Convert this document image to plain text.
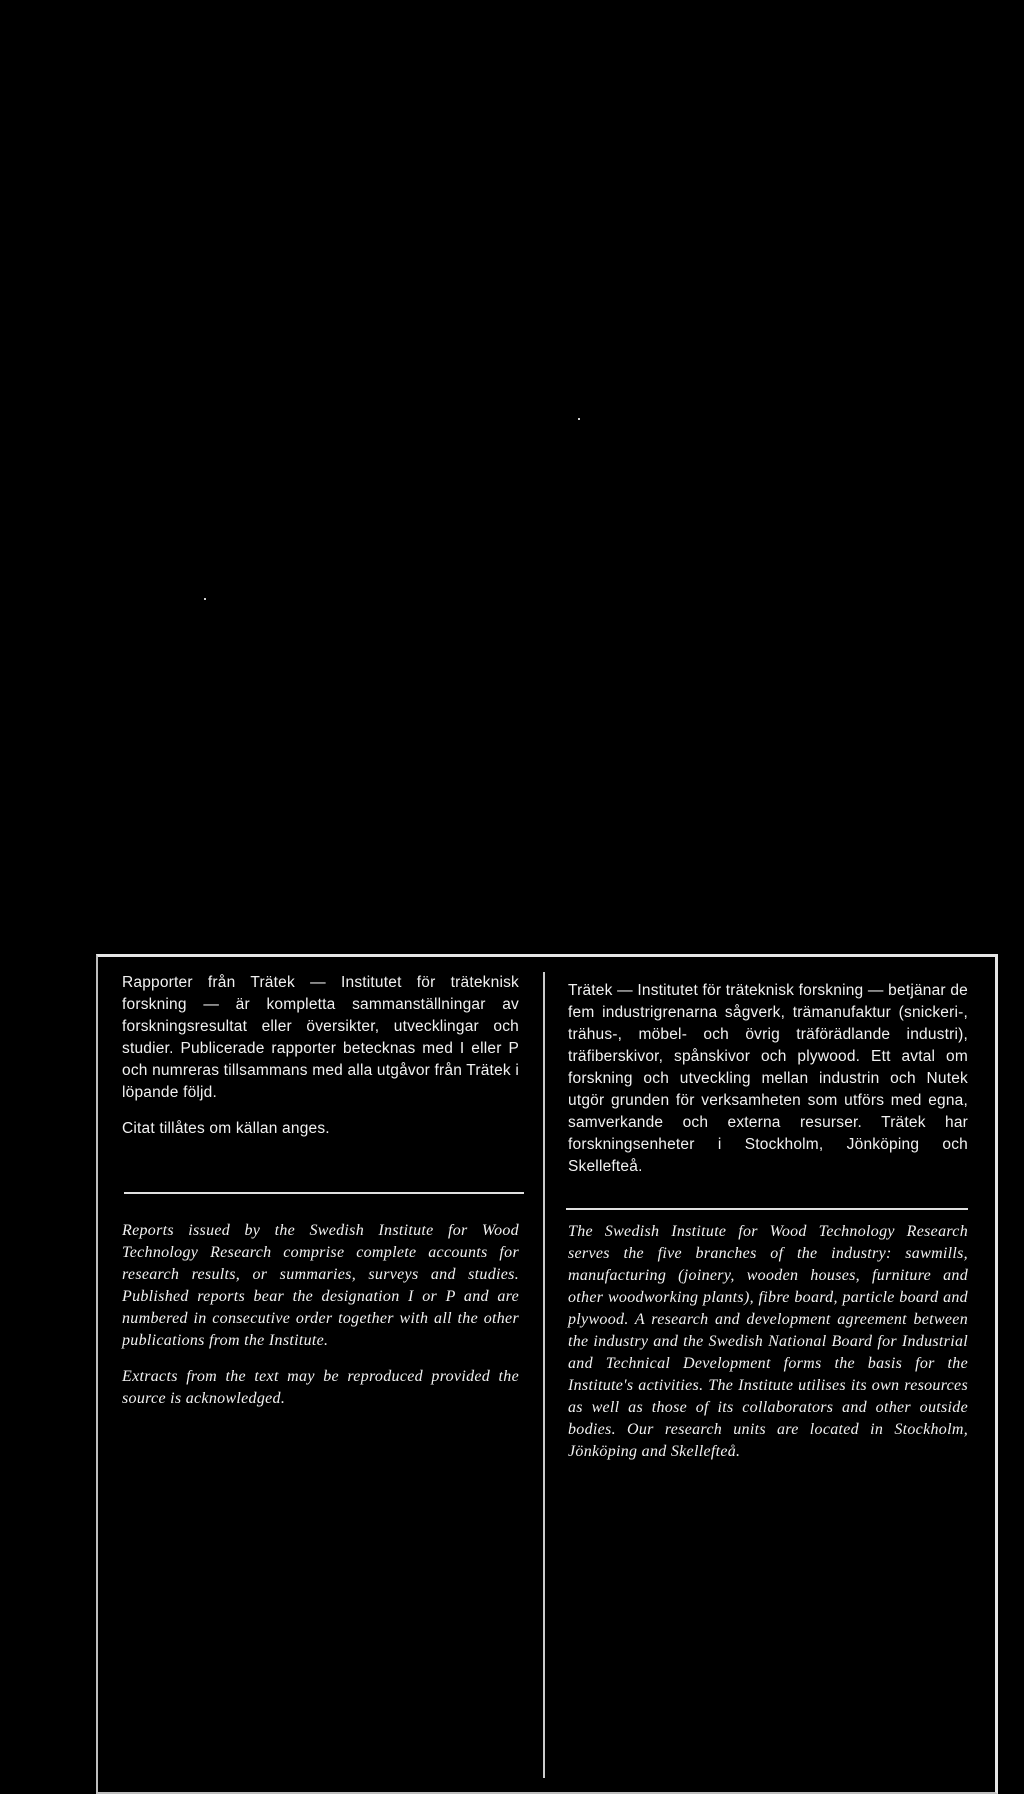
Rapporter från Trätek — Institutet för träteknisk forskning — är kompletta sammanställningar av forskningsresultat eller översikter, utvecklingar och studier. Publicerade rapporter betecknas med I eller P och numreras tillsammans med alla utgåvor från Trätek i löpande följd.

Citat tillåtes om källan anges.

Trätek — Institutet för träteknisk forskning — betjänar de fem industrigrenarna sågverk, trämanufaktur (snickeri-, trähus-, möbel- och övrig träförädlande industri), träfiberskivor, spånskivor och plywood. Ett avtal om forskning och utveckling mellan industrin och Nutek utgör grunden för verksamheten som utförs med egna, samverkande och externa resurser. Trätek har forskningsenheter i Stockholm, Jönköping och Skellefteå.

Reports issued by the Swedish Institute for Wood Technology Research comprise complete accounts for research results, or summaries, surveys and studies. Published reports bear the designation I or P and are numbered in consecutive order together with all the other publications from the Institute.

Extracts from the text may be reproduced provided the source is acknowledged.

The Swedish Institute for Wood Technology Research serves the five branches of the industry: sawmills, manufacturing (joinery, wooden houses, furniture and other woodworking plants), fibre board, particle board and plywood. A research and development agreement between the industry and the Swedish National Board for Industrial and Technical Development forms the basis for the Institute's activities. The Institute utilises its own resources as well as those of its collaborators and other outside bodies. Our research units are located in Stockholm, Jönköping and Skellefteå.
